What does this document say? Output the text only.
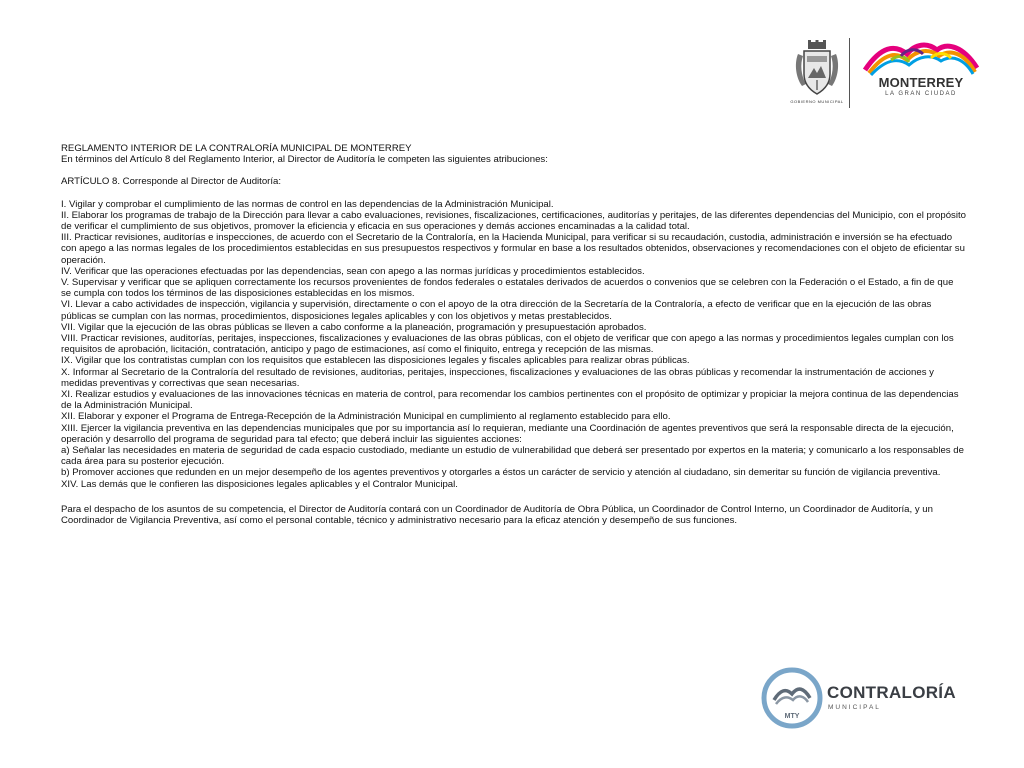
GOBIERNO MUNICIPAL
MONTERREY
LA GRAN CIUDAD

REGLAMENTO INTERIOR DE LA CONTRALORÍA MUNICIPAL DE MONTERREY

En términos del Artículo 8 del Reglamento Interior, al Director de Auditoría le competen las siguientes atribuciones:

ARTÍCULO 8. Corresponde al Director de Auditoría:

I. Vigilar y comprobar el cumplimiento de las normas de control en las dependencias de la Administración Municipal.

II. Elaborar los programas de trabajo de la Dirección para llevar a cabo evaluaciones, revisiones, fiscalizaciones, certificaciones, auditorías y peritajes, de las diferentes dependencias del Municipio, con el propósito de verificar el cumplimiento de sus objetivos, promover la eficiencia y eficacia en sus operaciones y demás acciones encaminadas a la calidad total.

III. Practicar revisiones, auditorías e inspecciones, de acuerdo con el Secretario de la Contraloría, en la Hacienda Municipal, para verificar si su recaudación, custodia, administración e inversión se ha efectuado con apego a las normas legales de los procedimientos establecidas en sus presupuestos respectivos y formular en base a los resultados obtenidos, observaciones y recomendaciones con el objeto de eficientar su operación.

IV. Verificar que las operaciones efectuadas por las dependencias, sean con apego a las normas jurídicas y procedimientos establecidos.

V. Supervisar y verificar que se apliquen correctamente los recursos provenientes de fondos federales o estatales derivados de acuerdos o convenios que se celebren con la Federación o el Estado, a fin de que se cumpla con todos los términos de las disposiciones establecidas en los mismos.

VI. Llevar a cabo actividades de inspección, vigilancia y supervisión, directamente o con el apoyo de la otra dirección de la Secretaría de la Contraloría, a efecto de verificar que en la ejecución de las obras públicas se cumplan con las normas, procedimientos, disposiciones legales aplicables y con los objetivos y metas prestablecidos.

VII. Vigilar que la ejecución de las obras públicas se lleven a cabo conforme a la planeación, programación y presupuestación aprobados.

VIII. Practicar revisiones, auditorías, peritajes, inspecciones, fiscalizaciones y evaluaciones de las obras públicas, con el objeto de verificar que con apego a las normas y procedimientos legales cumplan con los requisitos de aprobación, licitación, contratación, anticipo y pago de estimaciones, así como el finiquito, entrega y recepción de las mismas.

IX. Vigilar que los contratistas cumplan con los requisitos que establecen las disposiciones legales y fiscales aplicables para realizar obras públicas.

X. Informar al Secretario de la Contraloría del resultado de revisiones, auditorias, peritajes, inspecciones, fiscalizaciones y evaluaciones de las obras públicas y recomendar la instrumentación de acciones y medidas preventivas y correctivas que sean necesarias.

XI. Realizar estudios y evaluaciones de las innovaciones técnicas en materia de control, para recomendar los cambios pertinentes con el propósito de optimizar y propiciar la mejora continua de las dependencias de la Administración Municipal.

XII. Elaborar y exponer el Programa de Entrega-Recepción de la Administración Municipal en cumplimiento al reglamento establecido para ello.

XIII. Ejercer la vigilancia preventiva en las dependencias municipales que por su importancia así lo requieran, mediante una Coordinación de agentes preventivos que será la responsable directa de la ejecución, operación y desarrollo del programa de seguridad para tal efecto; que deberá incluir las siguientes acciones:

a) Señalar las necesidades en materia de seguridad de cada espacio custodiado, mediante un estudio de vulnerabilidad que deberá ser presentado por expertos en la materia; y comunicarlo a los responsables de cada área para su posterior ejecución.

b) Promover acciones que redunden en un mejor desempeño de los agentes preventivos y otorgarles a éstos un carácter de servicio y atención al ciudadano, sin demeritar su función de vigilancia preventiva.

XIV. Las demás que le confieren las disposiciones legales aplicables y el Contralor Municipal.

Para el despacho de los asuntos de su competencia, el Director de Auditoría contará con un Coordinador de Auditoría de Obra Pública, un Coordinador de Control Interno, un Coordinador de Auditoría, y un Coordinador de Vigilancia Preventiva, así como el personal contable, técnico y administrativo necesario para la eficaz atención y desempeño de sus funciones.

MTY
CONTRALORÍA
MUNICIPAL
